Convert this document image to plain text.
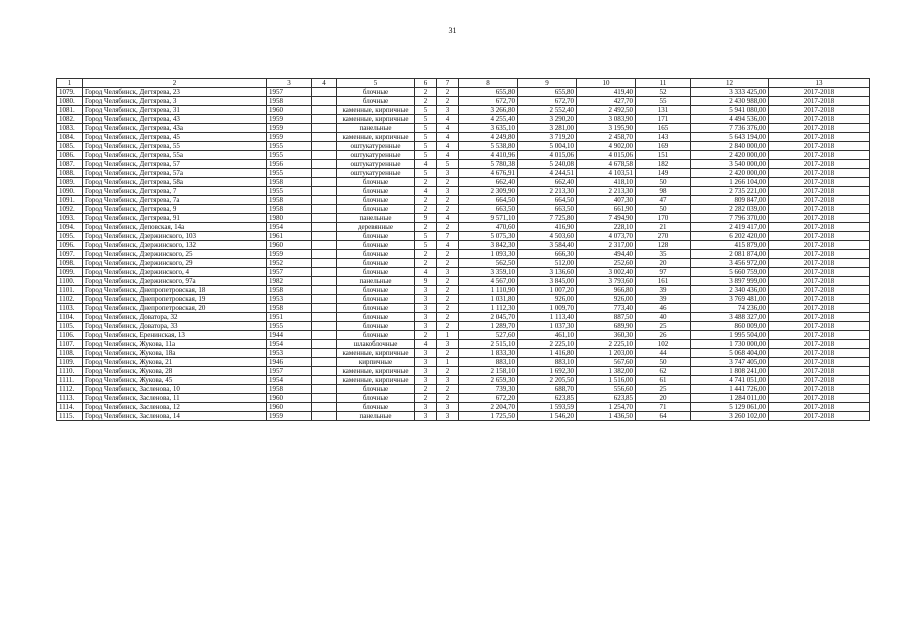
31
1	2	3	4	5	6	7	8	9	10	11	12	13
1079.	Город Челябинск, Дегтярева, 23	1957		блочные	2	2	655,80	655,80	419,40	52	3 333 425,00	2017-2018
1080.	Город Челябинск, Дегтярева, 3	1958		блочные	2	2	672,70	672,70	427,70	55	2 430 988,00	2017-2018
1081.	Город Челябинск, Дегтярева, 31	1960		каменные, кирпичные	5	3	3 266,80	2 552,40	2 492,50	131	5 941 080,00	2017-2018
1082.	Город Челябинск, Дегтярева, 43	1959		каменные, кирпичные	5	4	4 255,40	3 290,20	3 083,90	171	4 494 536,00	2017-2018
1083.	Город Челябинск, Дегтярева, 43а	1959		панельные	5	4	3 635,10	3 281,00	3 195,90	165	7 736 376,00	2017-2018
1084.	Город Челябинск, Дегтярева, 45	1959		каменные, кирпичные	5	4	4 249,80	3 719,20	2 458,70	143	5 643 194,00	2017-2018
1085.	Город Челябинск, Дегтярева, 55	1955		оштукатуренные	5	4	5 538,80	5 004,10	4 902,00	169	2 840 000,00	2017-2018
1086.	Город Челябинск, Дегтярева, 55а	1955		оштукатуренные	5	4	4 410,96	4 015,06	4 015,06	151	2 420 000,00	2017-2018
1087.	Город Челябинск, Дегтярева, 57	1956		оштукатуренные	4	5	5 780,38	5 240,08	4 678,58	182	3 540 000,00	2017-2018
1088.	Город Челябинск, Дегтярева, 57а	1955		оштукатуренные	5	3	4 676,91	4 244,51	4 103,51	149	2 420 000,00	2017-2018
1089.	Город Челябинск, Дегтярева, 58а	1958		блочные	2	2	662,40	662,40	418,10	50	1 266 104,00	2017-2018
1090.	Город Челябинск, Дегтярева, 7	1955		блочные	4	3	2 309,90	2 213,30	2 213,30	98	2 735 221,00	2017-2018
1091.	Город Челябинск, Дегтярева, 7а	1958		блочные	2	2	664,50	664,50	407,30	47	809 847,00	2017-2018
1092.	Город Челябинск, Дегтярева, 9	1958		блочные	2	2	663,50	663,50	661,90	50	2 282 039,00	2017-2018
1093.	Город Челябинск, Дегтярева, 91	1980		панельные	9	4	9 571,10	7 725,80	7 494,90	170	7 796 370,00	2017-2018
1094.	Город Челябинск, Деповская, 14а	1954		деревянные	2	2	470,60	416,90	228,10	21	2 419 417,00	2017-2018
1095.	Город Челябинск, Дзержинского, 103	1961		блочные	5	7	5 075,30	4 503,60	4 073,70	270	6 202 420,00	2017-2018
1096.	Город Челябинск, Дзержинского, 132	1960		блочные	5	4	3 842,30	3 584,40	2 317,00	128	415 879,00	2017-2018
1097.	Город Челябинск, Дзержинского, 25	1959		блочные	2	2	1 093,30	666,30	494,40	35	2 081 874,00	2017-2018
1098.	Город Челябинск, Дзержинского, 29	1952		блочные	2	2	562,50	512,00	252,60	20	3 456 972,00	2017-2018
1099.	Город Челябинск, Дзержинского, 4	1957		блочные	4	3	3 359,10	3 136,60	3 002,40	97	5 660 759,00	2017-2018
1100.	Город Челябинск, Дзержинского, 97а	1982		панельные	9	2	4 567,00	3 845,00	3 793,60	161	3 897 999,00	2017-2018
1101.	Город Челябинск, Днепропетровская, 18	1958		блочные	3	2	1 110,90	1 007,20	966,80	39	2 340 436,00	2017-2018
1102.	Город Челябинск, Днепропетровская, 19	1953		блочные	3	2	1 031,80	926,00	926,00	39	3 769 481,00	2017-2018
1103.	Город Челябинск, Днепропетровская, 20	1958		блочные	3	2	1 112,30	1 009,70	773,40	46	74 236,00	2017-2018
1104.	Город Челябинск, Доватора, 32	1951		блочные	3	2	2 045,70	1 113,40	887,50	40	3 488 327,00	2017-2018
1105.	Город Челябинск, Доватора, 33	1955		блочные	3	2	1 289,70	1 037,30	689,90	25	860 009,00	2017-2018
1106.	Город Челябинск, Еренинская, 13	1944		блочные	2	1	527,60	461,10	360,30	26	1 995 504,00	2017-2018
1107.	Город Челябинск, Жукова, 11а	1954		шлакоблочные	4	3	2 515,10	2 225,10	2 225,10	102	1 730 000,00	2017-2018
1108.	Город Челябинск, Жукова, 18а	1953		каменные, кирпичные	3	2	1 833,30	1 416,80	1 203,00	44	5 068 404,00	2017-2018
1109.	Город Челябинск, Жукова, 21	1946		кирпичные	3	1	883,10	883,10	567,60	50	3 747 405,00	2017-2018
1110.	Город Челябинск, Жукова, 28	1957		каменные, кирпичные	3	2	2 158,10	1 692,30	1 382,00	62	1 808 241,00	2017-2018
1111.	Город Челябинск, Жукова, 45	1954		каменные, кирпичные	3	3	2 659,30	2 205,50	1 516,00	61	4 741 051,00	2017-2018
1112.	Город Челябинск, Засленова, 10	1958		блочные	2	2	739,30	688,70	556,60	25	1 441 726,00	2017-2018
1113.	Город Челябинск, Засленова, 11	1960		блочные	2	2	672,20	623,85	623,85	20	1 284 011,00	2017-2018
1114.	Город Челябинск, Засленова, 12	1960		блочные	3	3	2 204,70	1 593,59	1 254,70	71	5 129 061,00	2017-2018
1115.	Город Челябинск, Засленова, 14	1959		панельные	3	3	1 725,50	1 546,20	1 436,50	64	3 260 102,00	2017-2018
